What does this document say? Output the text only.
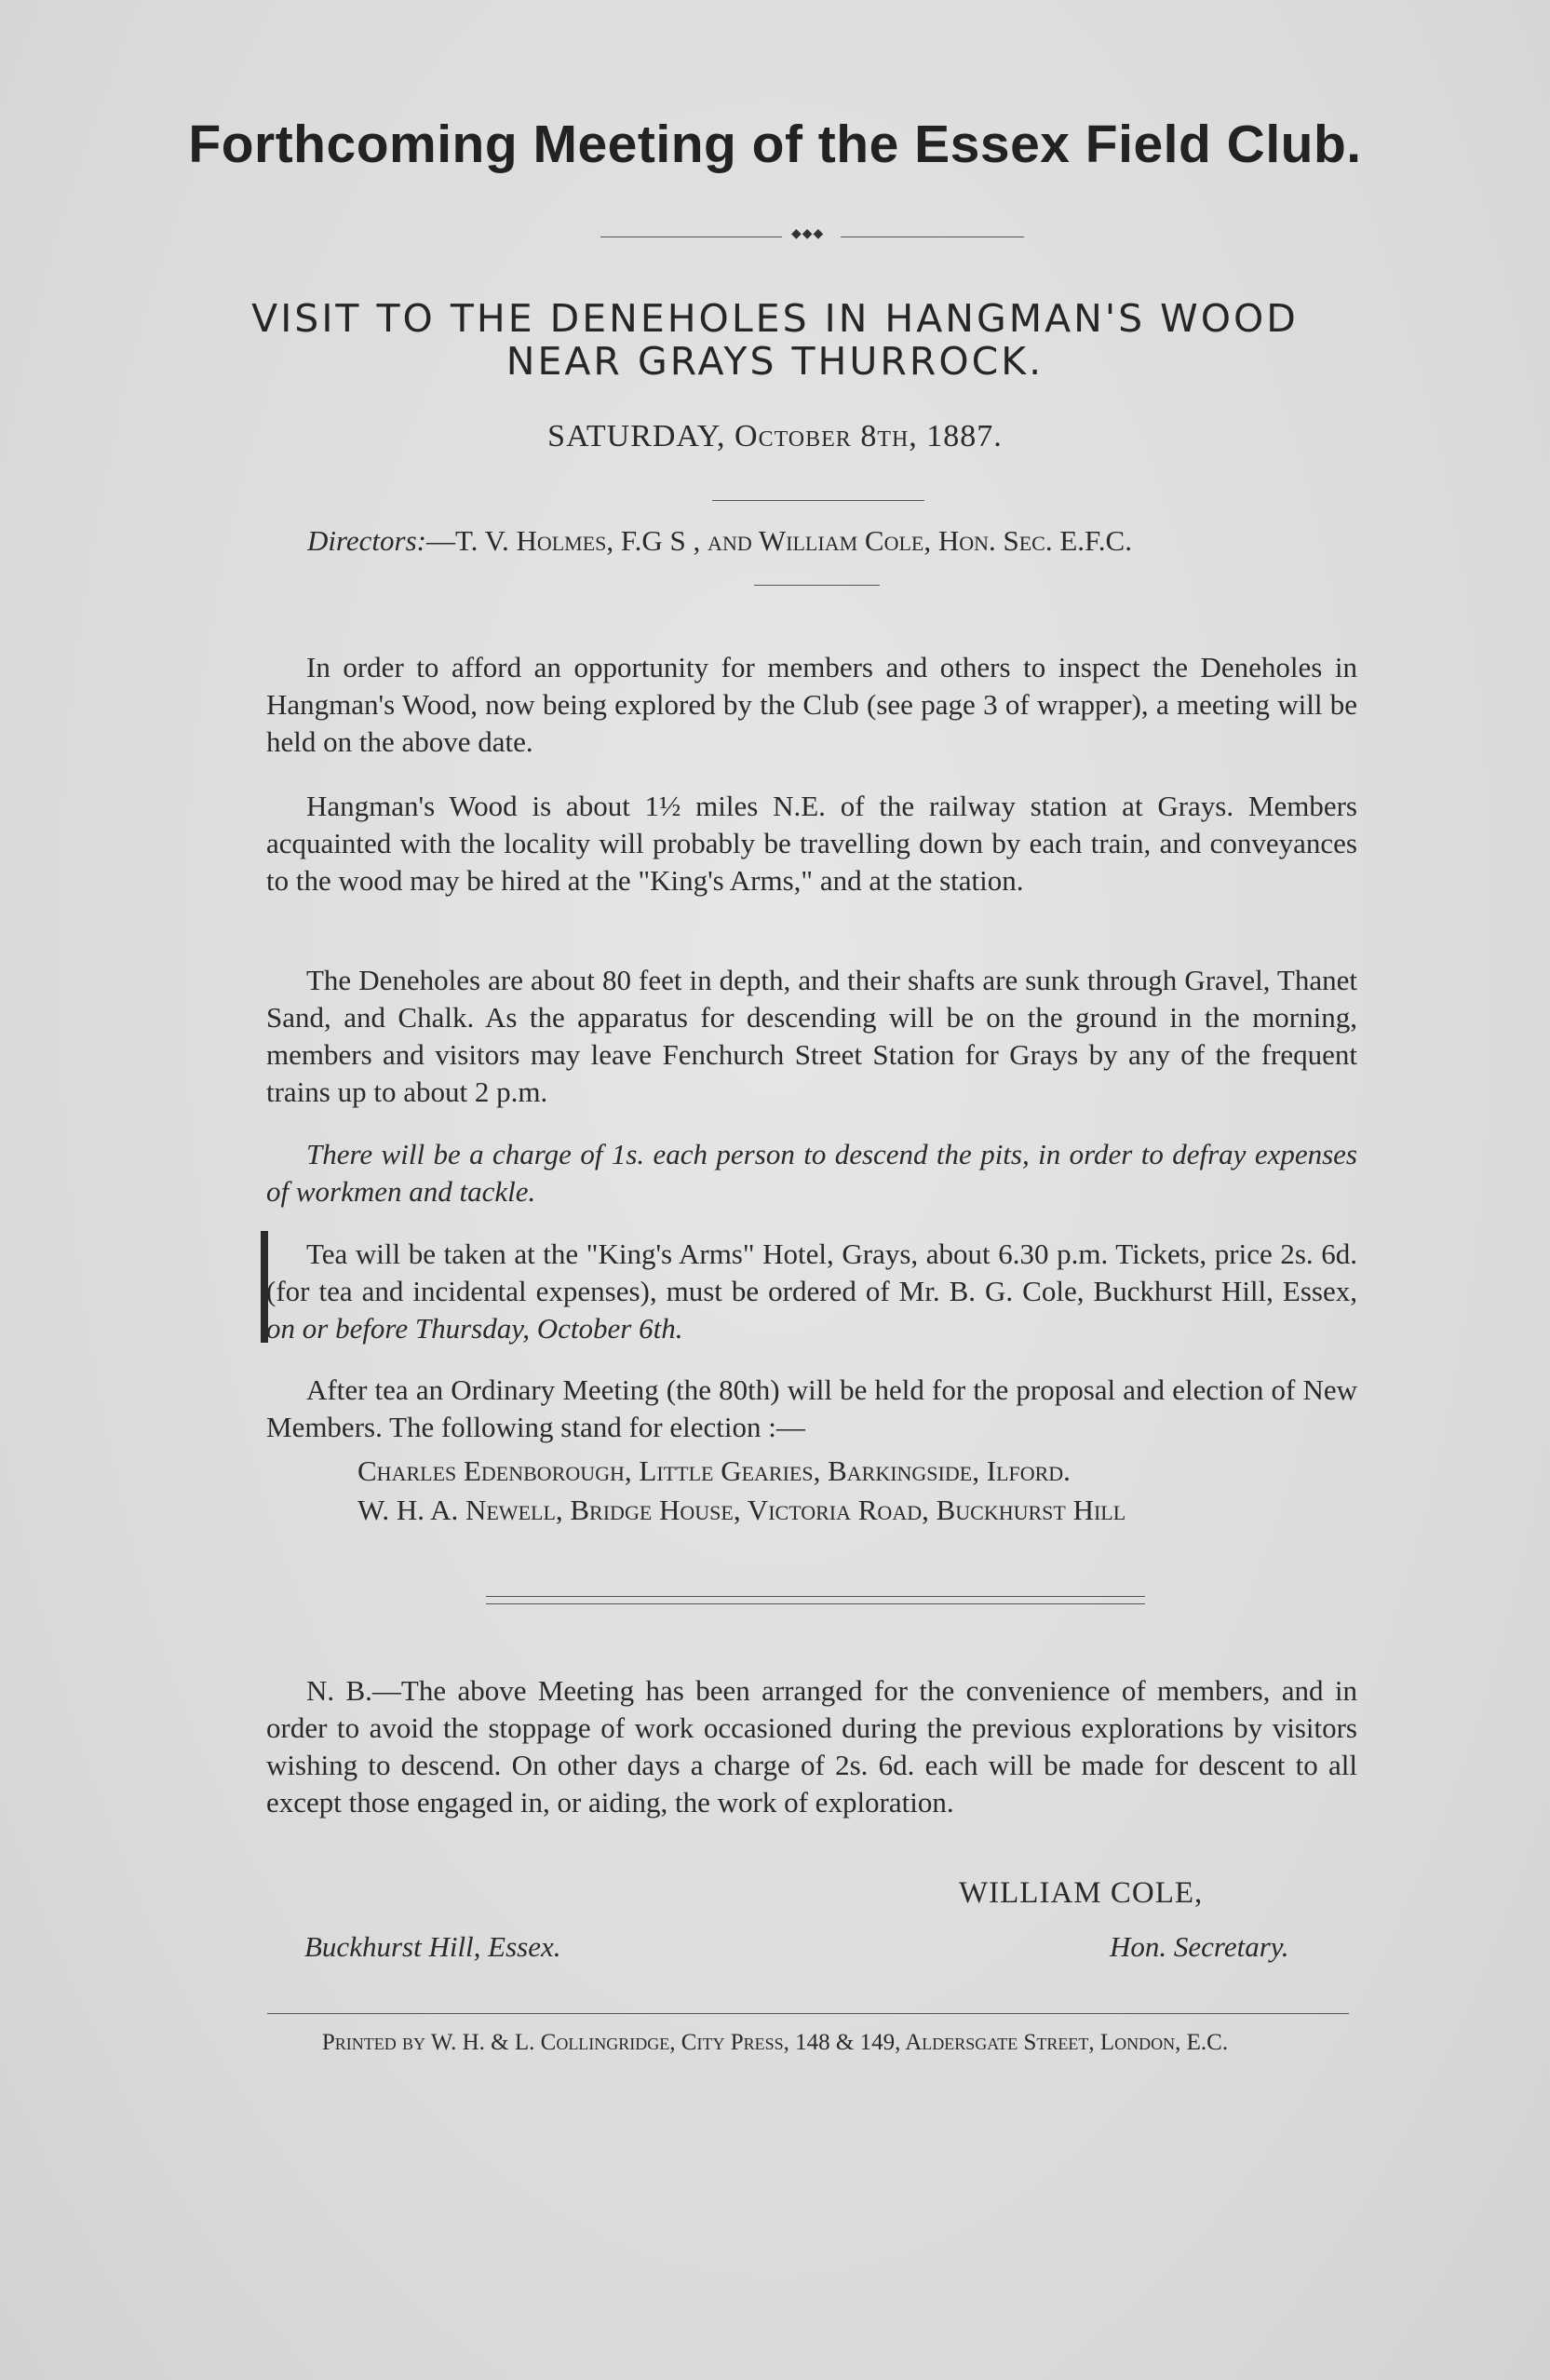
Forthcoming Meeting of the Essex Field Club.
◆◆◆
VISIT TO THE DENEHOLES IN HANGMAN'S WOOD
NEAR GRAYS THURROCK.
SATURDAY, October 8th, 1887.
Directors:—T. V. Holmes, F.G S , and William Cole, Hon. Sec. E.F.C.

In order to afford an opportunity for members and others to inspect the Deneholes in Hangman's Wood, now being explored by the Club (see page 3 of wrapper), a meeting will be held on the above date.

Hangman's Wood is about 1½ miles N.E. of the railway station at Grays. Members acquainted with the locality will probably be travelling down by each train, and conveyances to the wood may be hired at the "King's Arms," and at the station.

The Deneholes are about 80 feet in depth, and their shafts are sunk through Gravel, Thanet Sand, and Chalk. As the apparatus for descending will be on the ground in the morning, members and visitors may leave Fenchurch Street Station for Grays by any of the frequent trains up to about 2 p.m.

There will be a charge of 1s. each person to descend the pits, in order to defray expenses of workmen and tackle.

Tea will be taken at the "King's Arms" Hotel, Grays, about 6.30 p.m. Tickets, price 2s. 6d. (for tea and incidental expenses), must be ordered of Mr. B. G. Cole, Buckhurst Hill, Essex, on or before Thursday, October 6th.

After tea an Ordinary Meeting (the 80th) will be held for the proposal and election of New Members. The following stand for election :—

Charles Edenborough, Little Gearies, Barkingside, Ilford.
W. H. A. Newell, Bridge House, Victoria Road, Buckhurst Hill

N. B.—The above Meeting has been arranged for the convenience of members, and in order to avoid the stoppage of work occasioned during the previous explorations by visitors wishing to descend. On other days a charge of 2s. 6d. each will be made for descent to all except those engaged in, or aiding, the work of exploration.

WILLIAM COLE,
Buckhurst Hill, Essex.	Hon. Secretary.
Printed by W. H. & L. Collingridge, City Press, 148 & 149, Aldersgate Street, London, E.C.
